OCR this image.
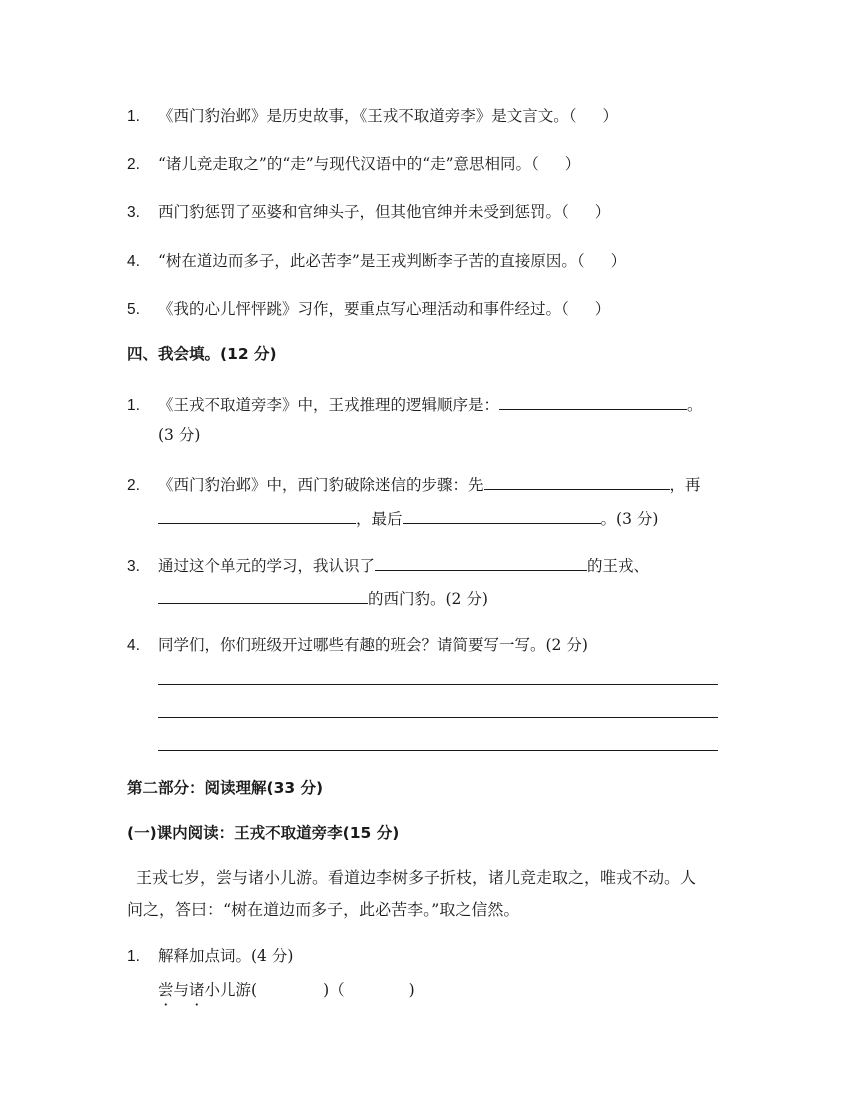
1. 《西门豹治邺》是历史故事，《王戎不取道旁李》是文言文。（ ）
2. “诸儿竞走取之”的“走”与现代汉语中的“走”意思相同。（ ）
3. 西门豹惩罚了巫婆和官绅头子，但其他官绅并未受到惩罚。（ ）
4. “树在道边而多子，此必苦李”是王戎判断李子苦的直接原因。（ ）
5. 《我的心儿怦怦跳》习作，要重点写心理活动和事件经过。（ ）
四、我会填。(12 分)
1. 《王戎不取道旁李》中，王戎推理的逻辑顺序是：	。
(3 分)
2. 《西门豹治邺》中，西门豹破除迷信的步骤：先	，再
，最后	。(3 分)
3. 通过这个单元的学习，我认识了	的王戎、
的西门豹。(2 分)
4. 同学们，你们班级开过哪些有趣的班会？请简要写一写。(2 分)
第二部分：阅读理解(33 分)
(一)课内阅读：王戎不取道旁李(15 分)
王戎七岁，尝与诸小儿游。看道边李树多子折枝，诸儿竞走取之，唯戎不动。人
问之，答曰：“树在道边而多子，此必苦李。”取之信然。
1. 解释加点词。(4 分)
尝与诸小儿游(	)（	)
